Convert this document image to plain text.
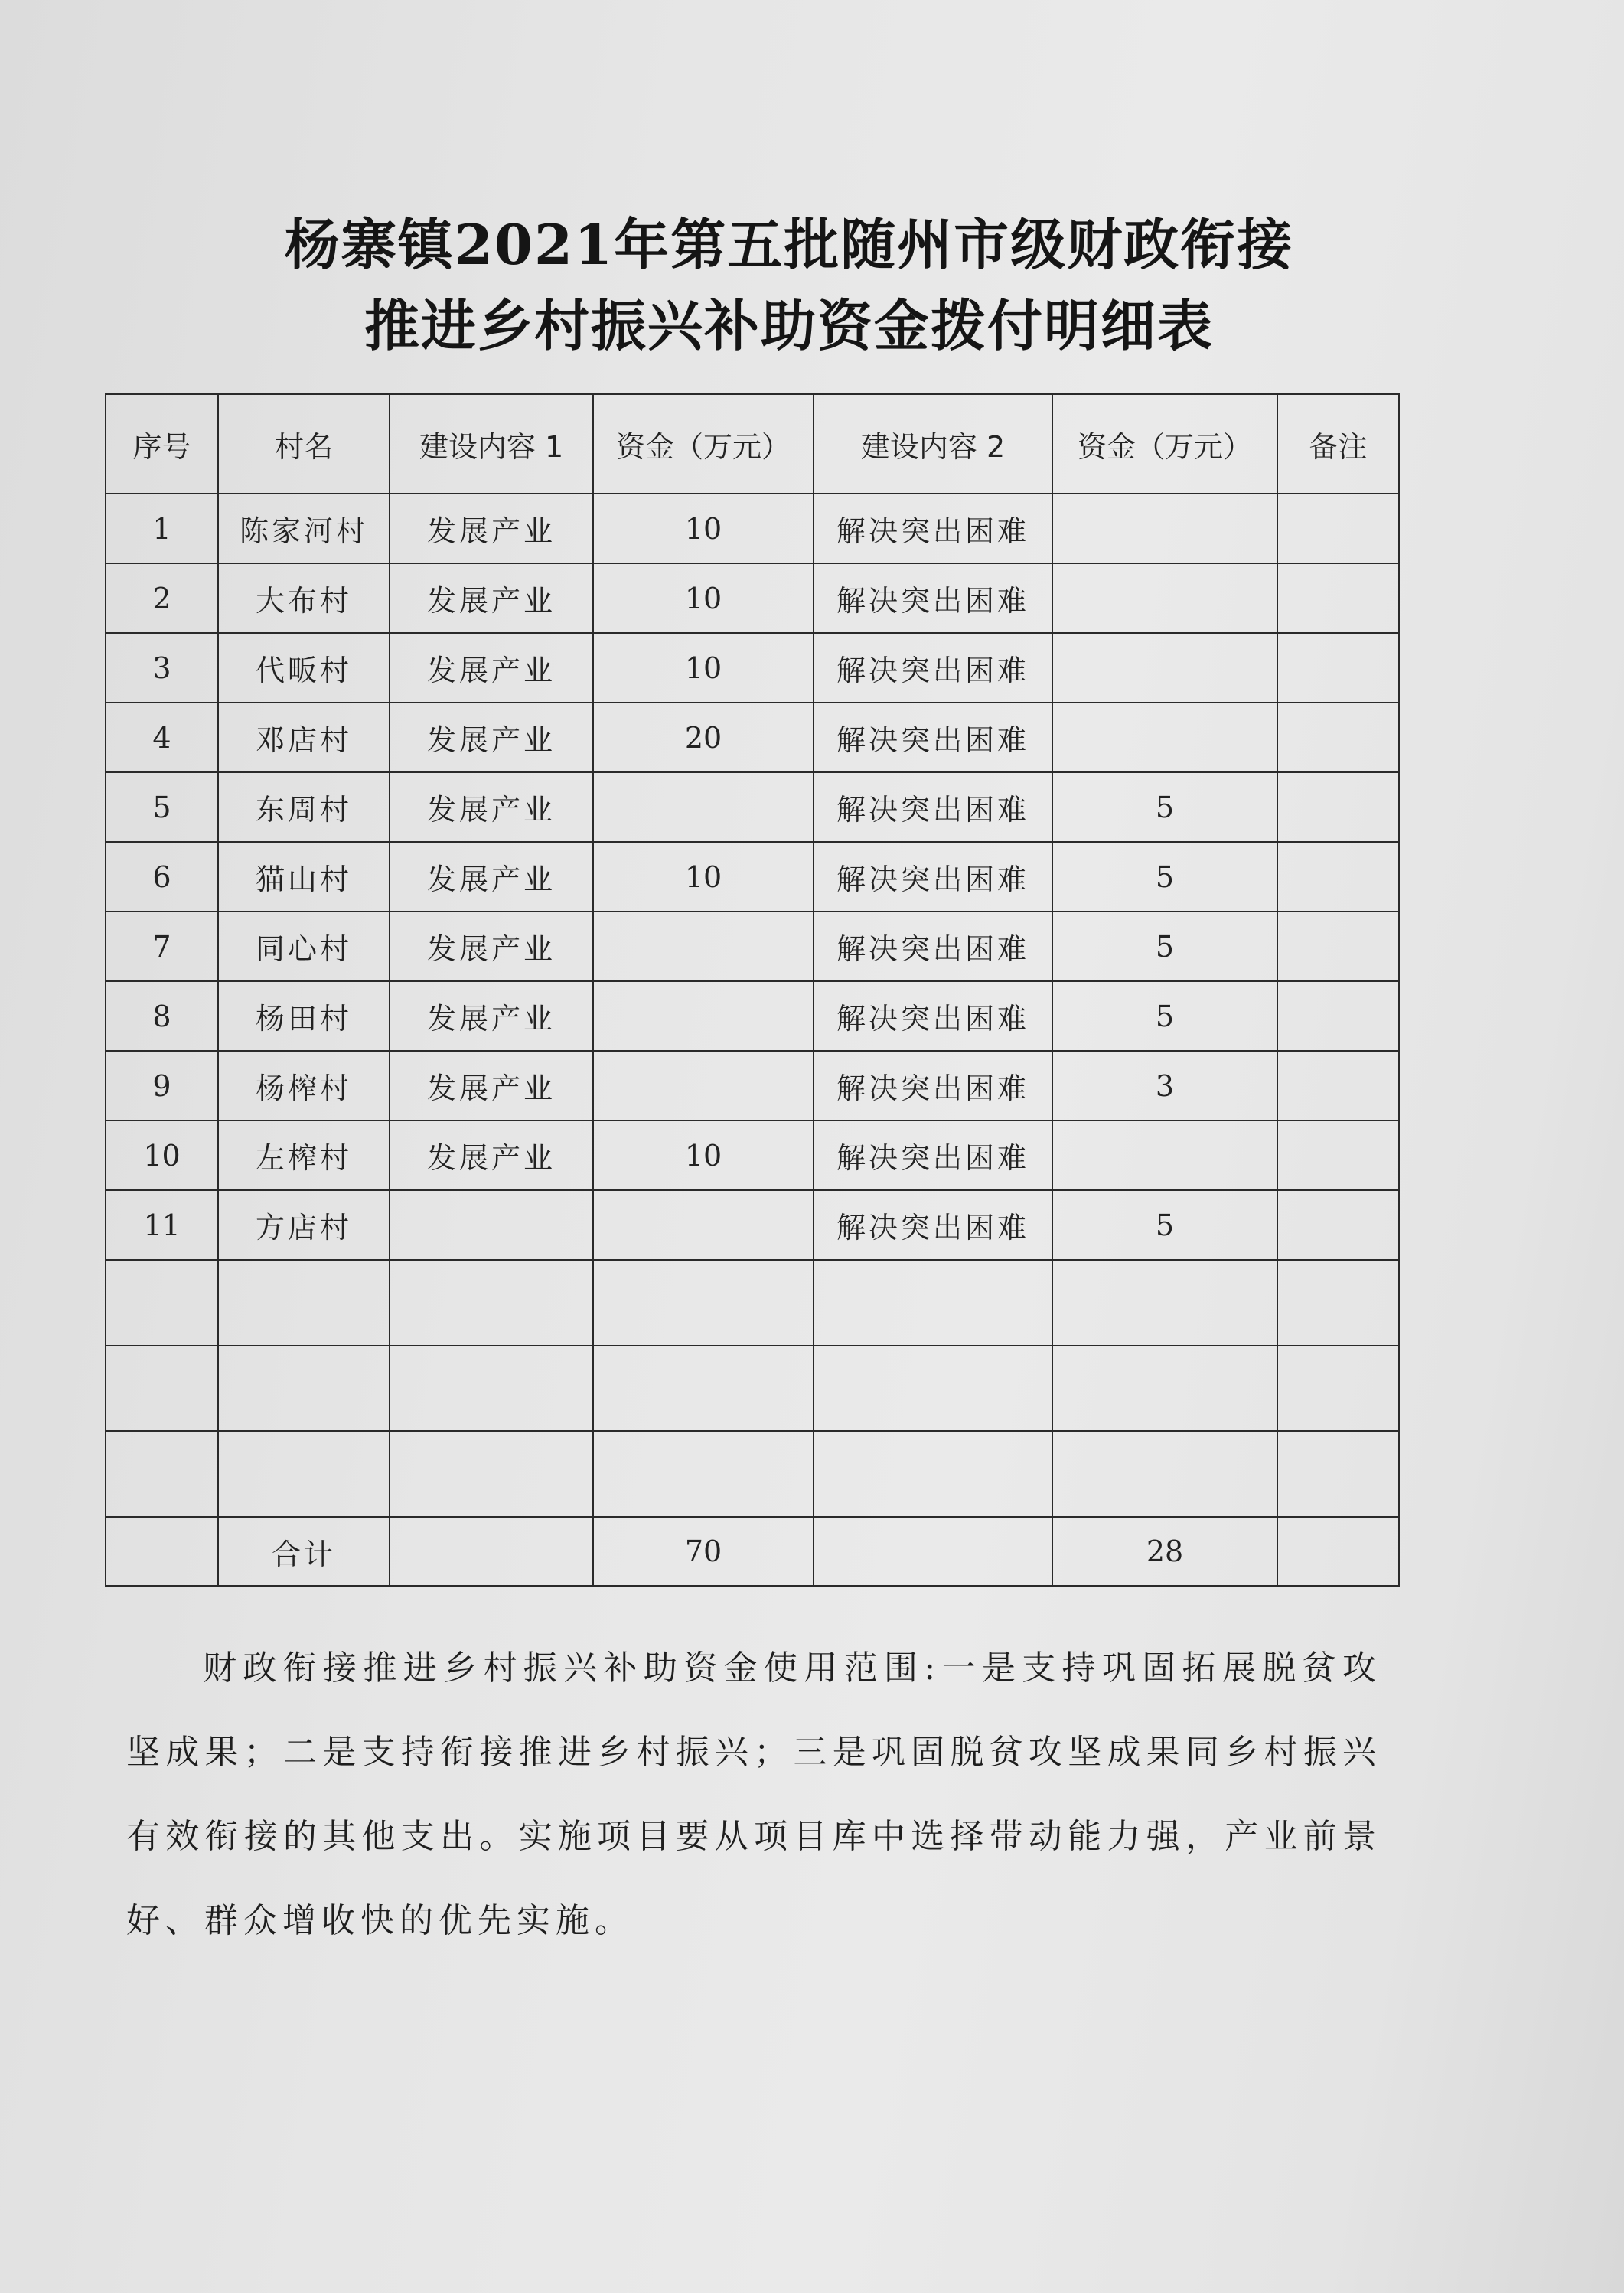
杨寨镇2021年第五批随州市级财政衔接
推进乡村振兴补助资金拨付明细表
序号	村名	建设内容 1	资金（万元）	建设内容 2	资金（万元）	备注
1	陈家河村	发展产业	10	解决突出困难		
2	大布村	发展产业	10	解决突出困难		
3	代畈村	发展产业	10	解决突出困难		
4	邓店村	发展产业	20	解决突出困难		
5	东周村	发展产业		解决突出困难	5	
6	猫山村	发展产业	10	解决突出困难	5	
7	同心村	发展产业		解决突出困难	5	
8	杨田村	发展产业		解决突出困难	5	
9	杨榨村	发展产业		解决突出困难	3	
10	左榨村	发展产业	10	解决突出困难		
11	方店村			解决突出困难	5	

	合计		70		28	
财政衔接推进乡村振兴补助资金使用范围:一是支持巩固拓展脱贫攻坚成果；二是支持衔接推进乡村振兴；三是巩固脱贫攻坚成果同乡村振兴有效衔接的其他支出。实施项目要从项目库中选择带动能力强，产业前景好、群众增收快的优先实施。
